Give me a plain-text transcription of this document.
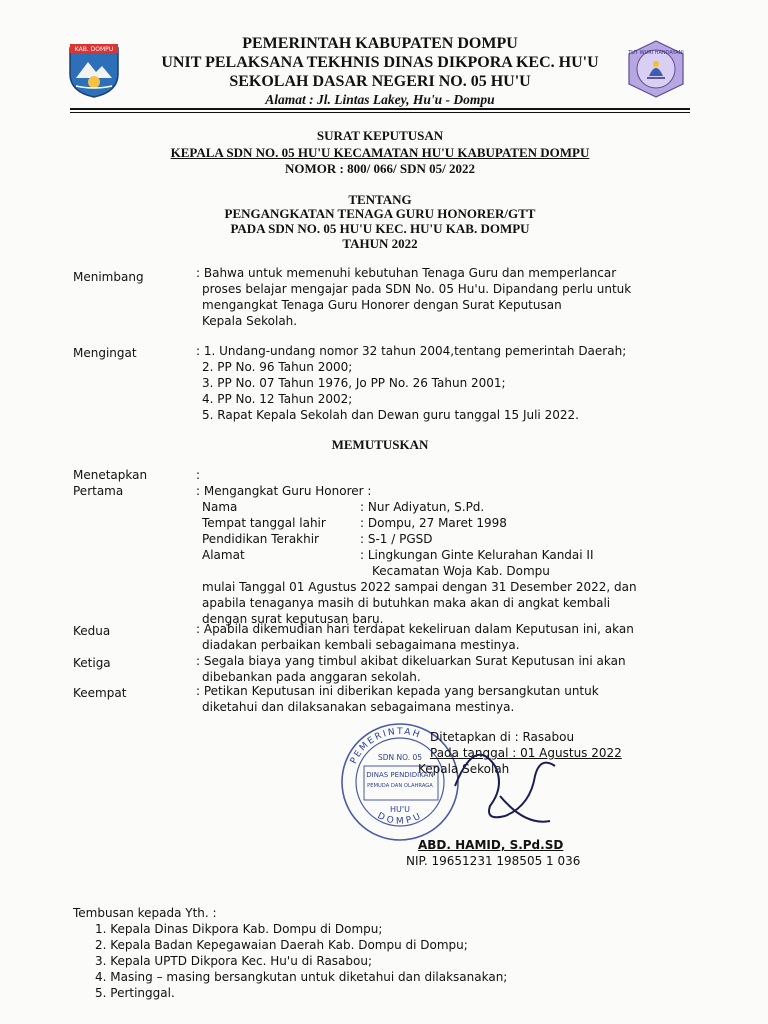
KAB. DOMPU	PEMERINTAH KABUPATEN DOMPU
UNIT PELAKSANA TEKHNIS DINAS DIKPORA KEC. HU'U
SEKOLAH DASAR NEGERI NO. 05 HU'U
Alamat : Jl. Lintas Lakey, Hu'u - Dompu
TUT WURI HANDAYANI
SURAT KEPUTUSAN
KEPALA SDN NO. 05 HU'U KECAMATAN HU'U KABUPATEN DOMPU
NOMOR : 800/ 066/ SDN 05/ 2022
TENTANG
PENGANGKATAN TENAGA GURU HONORER/GTT
PADA SDN NO. 05 HU'U KEC. HU'U KAB. DOMPU
TAHUN 2022
Menimbang	: Bahwa untuk memenuhi kebutuhan Tenaga Guru dan memperlancar
proses belajar mengajar pada SDN No. 05 Hu'u. Dipandang perlu untuk
mengangkat Tenaga Guru Honorer dengan Surat Keputusan
Kepala Sekolah.
Mengingat	: 1. Undang-undang nomor 32 tahun 2004,tentang pemerintah Daerah;
2. PP No. 96 Tahun 2000;
3. PP No. 07 Tahun 1976, Jo PP No. 26 Tahun 2001;
4. PP No. 12 Tahun 2002;
5. Rapat Kepala Sekolah dan Dewan guru tanggal 15 Juli 2022.
MEMUTUSKAN
Menetapkan	:
Pertama	: Mengangkat Guru Honorer :
Nama	: Nur Adiyatun, S.Pd.
Tempat tanggal lahir	: Dompu, 27 Maret 1998
Pendidikan Terakhir	: S-1 / PGSD
Alamat	: Lingkungan Ginte Kelurahan Kandai II
Kecamatan Woja Kab. Dompu
mulai Tanggal 01 Agustus 2022 sampai dengan 31 Desember 2022, dan
apabila tenaganya masih di butuhkan maka akan di angkat kembali
dengan surat keputusan baru.
Kedua	: Apabila dikemudian hari terdapat kekeliruan dalam Keputusan ini, akan
diadakan perbaikan kembali sebagaimana mestinya.
Ketiga	: Segala biaya yang timbul akibat dikeluarkan Surat Keputusan ini akan
dibebankan pada anggaran sekolah.
Keempat	: Petikan Keputusan ini diberikan kepada yang bersangkutan untuk
diketahui dan dilaksanakan sebagaimana mestinya.
PEMERINTAH
DOMPU
SDN NO. 05
DINAS PENDIDIKAN
PEMUDA DAN OLAHRAGA
HU'U
Ditetapkan di : Rasabou
Pada tanggal : 01 Agustus 2022
Kepala Sekolah
ABD. HAMID, S.Pd.SD
NIP. 19651231 198505 1 036
Tembusan kepada Yth. :
1. Kepala Dinas Dikpora Kab. Dompu di Dompu;
2. Kepala Badan Kepegawaian Daerah Kab. Dompu di Dompu;
3. Kepala UPTD Dikpora Kec. Hu'u di Rasabou;
4. Masing – masing bersangkutan untuk diketahui dan dilaksanakan;
5. Pertinggal.
